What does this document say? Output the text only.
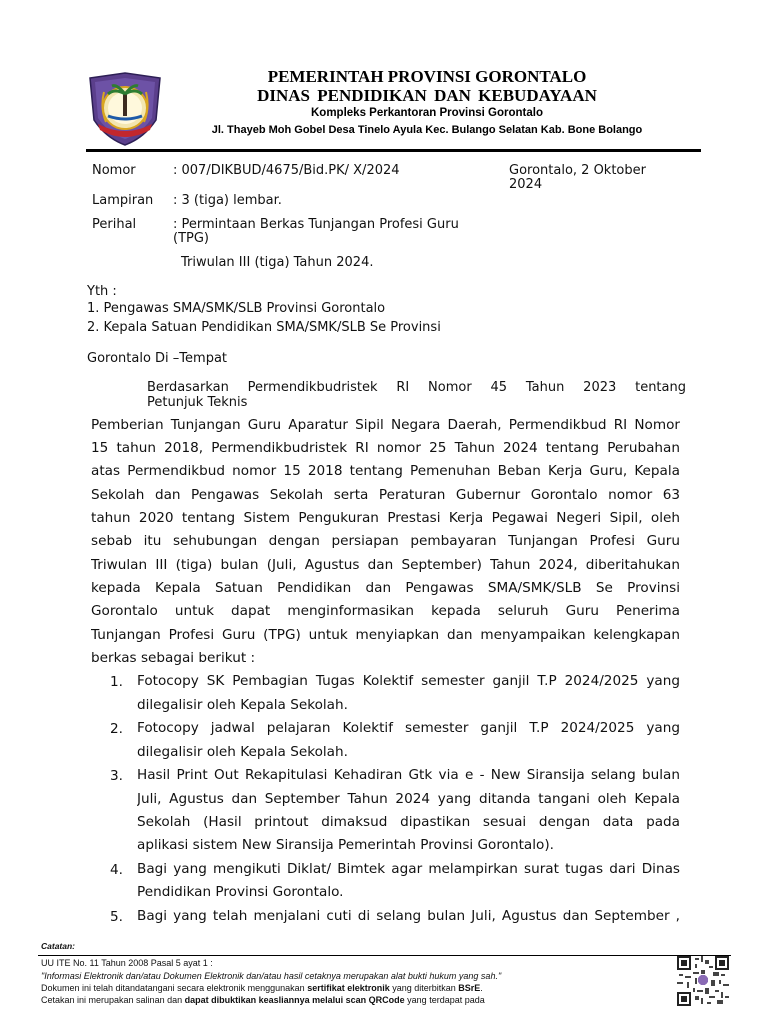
PEMERINTAH PROVINSI GORONTALO
DINAS PENDIDIKAN DAN KEBUDAYAAN
Kompleks Perkantoran Provinsi Gorontalo
Jl. Thayeb Moh Gobel Desa Tinelo Ayula Kec. Bulango Selatan Kab. Bone Bolango
Nomor	: 007/DIKBUD/4675/Bid.PK/ X/2024	Gorontalo, 2 Oktober
2024
Lampiran : 3 (tiga) lembar.
Perihal	: Permintaan Berkas Tunjangan Profesi Guru
(TPG)
Triwulan III (tiga) Tahun 2024.
Yth :
1. Pengawas SMA/SMK/SLB Provinsi Gorontalo
2. Kepala Satuan Pendidikan SMA/SMK/SLB Se Provinsi
Gorontalo Di –Tempat
Berdasarkan Permendikbudristek RI Nomor 45 Tahun 2023 tentang
Petunjuk Teknis
Pemberian Tunjangan Guru Aparatur Sipil Negara Daerah, Permendikbud RI Nomor
15 tahun 2018, Permendikbudristek RI nomor 25 Tahun 2024 tentang Perubahan
atas Permendikbud nomor 15 2018 tentang Pemenuhan Beban Kerja Guru, Kepala
Sekolah dan Pengawas Sekolah serta Peraturan Gubernur Gorontalo nomor 63
tahun 2020 tentang Sistem Pengukuran Prestasi Kerja Pegawai Negeri Sipil, oleh
sebab itu sehubungan dengan persiapan pembayaran Tunjangan Profesi Guru
Triwulan III (tiga) bulan (Juli, Agustus dan September) Tahun 2024, diberitahukan
kepada Kepala Satuan Pendidikan dan Pengawas SMA/SMK/SLB Se Provinsi
Gorontalo untuk dapat menginformasikan kepada seluruh Guru Penerima
Tunjangan Profesi Guru (TPG) untuk menyiapkan dan menyampaikan kelengkapan
berkas sebagai berikut :
1. Fotocopy SK Pembagian Tugas Kolektif semester ganjil T.P 2024/2025 yang
dilegalisir oleh Kepala Sekolah.
2. Fotocopy jadwal pelajaran Kolektif semester ganjil T.P 2024/2025 yang
dilegalisir oleh Kepala Sekolah.
3. Hasil Print Out Rekapitulasi Kehadiran Gtk via e - New Siransija selang bulan
Juli, Agustus dan September Tahun 2024 yang ditanda tangani oleh Kepala
Sekolah (Hasil printout dimaksud dipastikan sesuai dengan data pada
aplikasi sistem New Siransija Pemerintah Provinsi Gorontalo).
4. Bagi yang mengikuti Diklat/ Bimtek agar melampirkan surat tugas dari Dinas
Pendidikan Provinsi Gorontalo.
5. Bagi yang telah menjalani cuti di selang bulan Juli, Agustus dan September ,
Catatan:
UU ITE No. 11 Tahun 2008 Pasal 5 ayat 1 :
"Informasi Elektronik dan/atau Dokumen Elektronik dan/atau hasil cetaknya merupakan alat bukti hukum yang sah."
Dokumen ini telah ditandatangani secara elektronik menggunakan sertifikat elektronik yang diterbitkan BSrE.
Cetakan ini merupakan salinan dan dapat dibuktikan keasliannya melalui scan QRCode yang terdapat pada
